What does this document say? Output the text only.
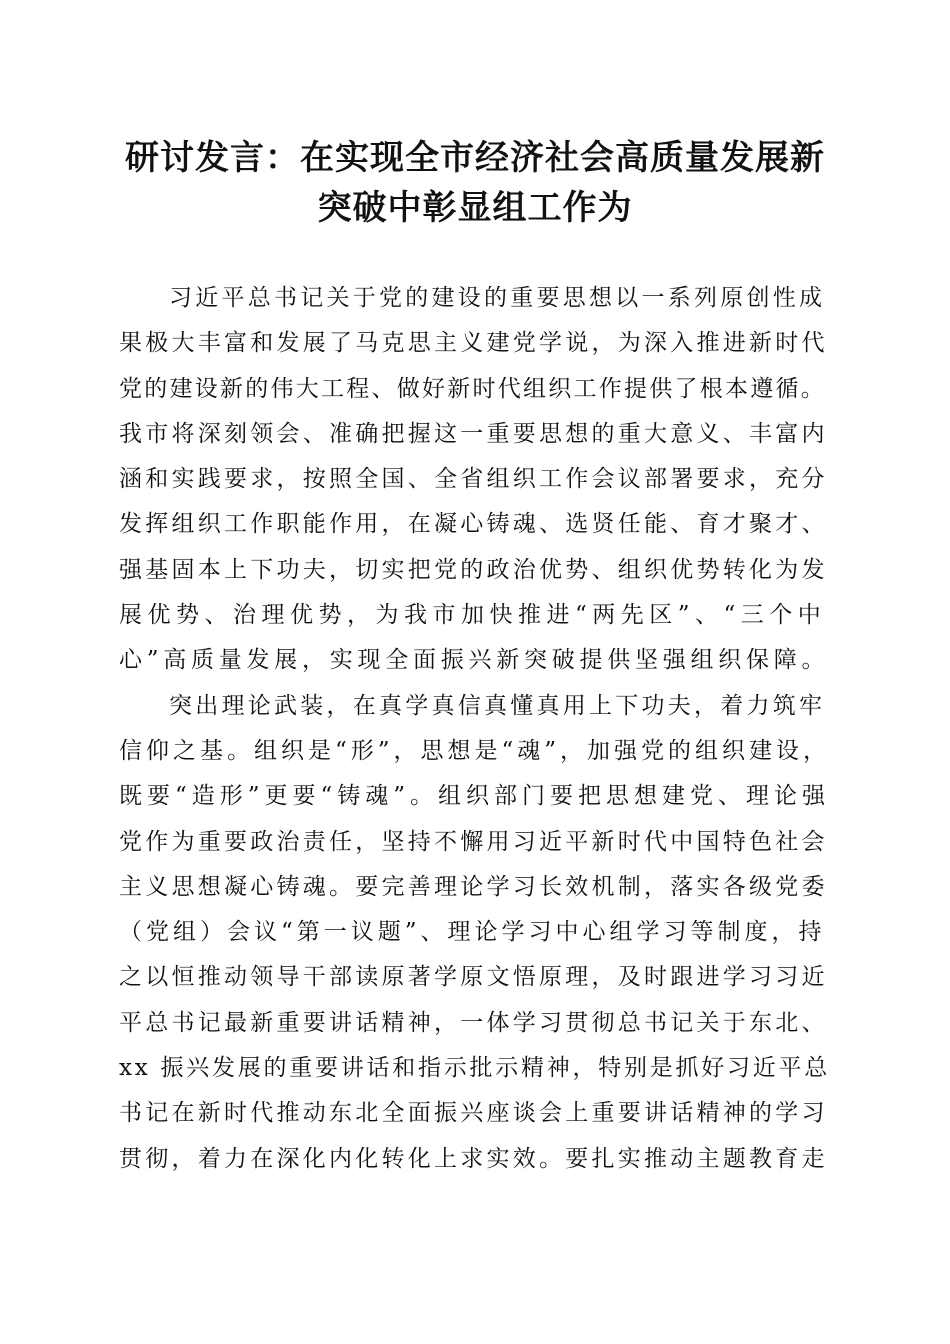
研讨发言：在实现全市经济社会高质量发展新
突破中彰显组工作为
习近平总书记关于党的建设的重要思想以一系列原创性成
果极大丰富和发展了马克思主义建党学说，为深入推进新时代
党的建设新的伟大工程、做好新时代组织工作提供了根本遵循。
我市将深刻领会、准确把握这一重要思想的重大意义、丰富内
涵和实践要求，按照全国、全省组织工作会议部署要求，充分
发挥组织工作职能作用，在凝心铸魂、选贤任能、育才聚才、
强基固本上下功夫，切实把党的政治优势、组织优势转化为发
展优势、治理优势，为我市加快推进“两先区”、“三个中
心”高质量发展，实现全面振兴新突破提供坚强组织保障。
突出理论武装，在真学真信真懂真用上下功夫，着力筑牢
信仰之基。组织是“形”，思想是“魂”，加强党的组织建设，
既要“造形”更要“铸魂”。组织部门要把思想建党、理论强
党作为重要政治责任，坚持不懈用习近平新时代中国特色社会
主义思想凝心铸魂。要完善理论学习长效机制，落实各级党委
（党组）会议“第一议题”、理论学习中心组学习等制度，持
之以恒推动领导干部读原著学原文悟原理，及时跟进学习习近
平总书记最新重要讲话精神，一体学习贯彻总书记关于东北、
xx 振兴发展的重要讲话和指示批示精神，特别是抓好习近平总
书记在新时代推动东北全面振兴座谈会上重要讲话精神的学习
贯彻，着力在深化内化转化上求实效。要扎实推动主题教育走
